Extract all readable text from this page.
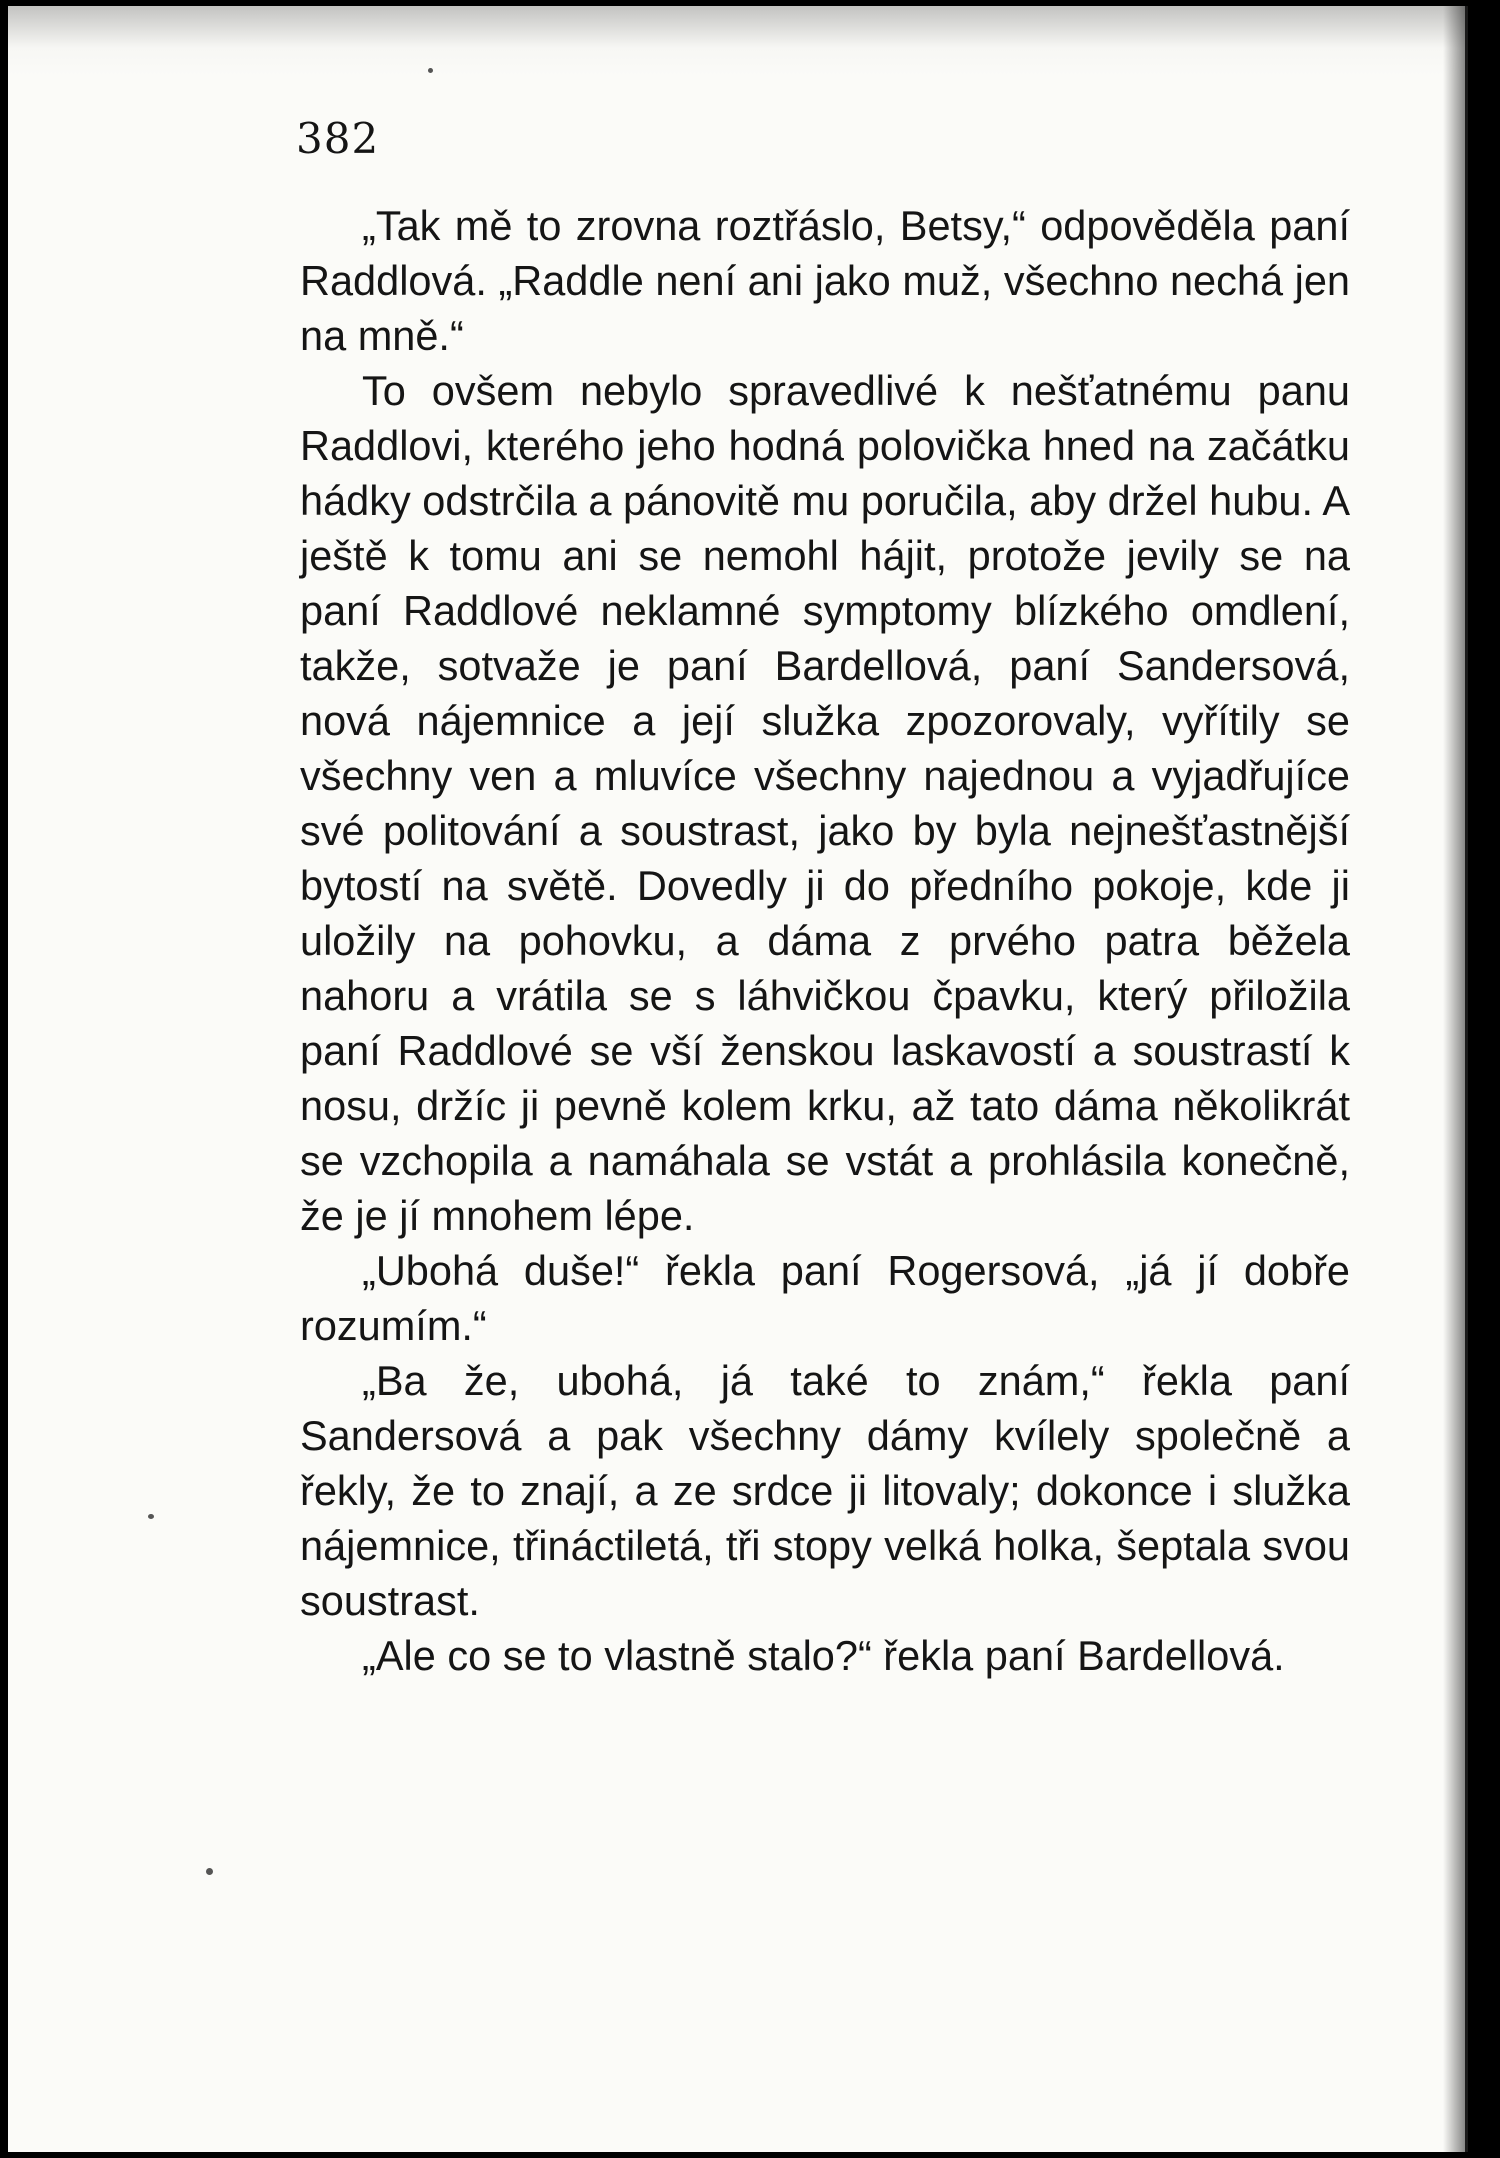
382

„Tak mě to zrovna roztřáslo, Betsy,“ odpověděla paní Raddlová. „Raddle není ani jako muž, všechno nechá jen na mně.“

To ovšem nebylo spravedlivé k nešťatnému panu Raddlovi, kterého jeho hodná polovička hned na začátku hádky odstrčila a pánovitě mu poručila, aby držel hubu. A ještě k tomu ani se nemohl hájit, protože jevily se na paní Raddlové neklamné symptomy blízkého omdlení, takže, sotvaže je paní Bardellová, paní Sandersová, nová nájemnice a její služka zpozorovaly, vyřítily se všechny ven a mluvíce všechny najednou a vyjadřujíce své politování a soustrast, jako by byla nejnešťastnější bytostí na světě. Dovedly ji do předního pokoje, kde ji uložily na pohovku, a dáma z prvého patra běžela nahoru a vrátila se s láhvičkou čpavku, který přiložila paní Raddlové se vší ženskou laskavostí a soustrastí k nosu, držíc ji pevně kolem krku, až tato dáma několikrát se vzchopila a namáhala se vstát a prohlásila konečně, že je jí mnohem lépe.

„Ubohá duše!“ řekla paní Rogersová, „já jí dobře rozumím.“

„Ba že, ubohá, já také to znám,“ řekla paní Sandersová a pak všechny dámy kvílely společně a řekly, že to znají, a ze srdce ji litovaly; dokonce i služka nájemnice, třináctiletá, tři stopy velká holka, šeptala svou soustrast.

„Ale co se to vlastně stalo?“ řekla paní Bardellová.
